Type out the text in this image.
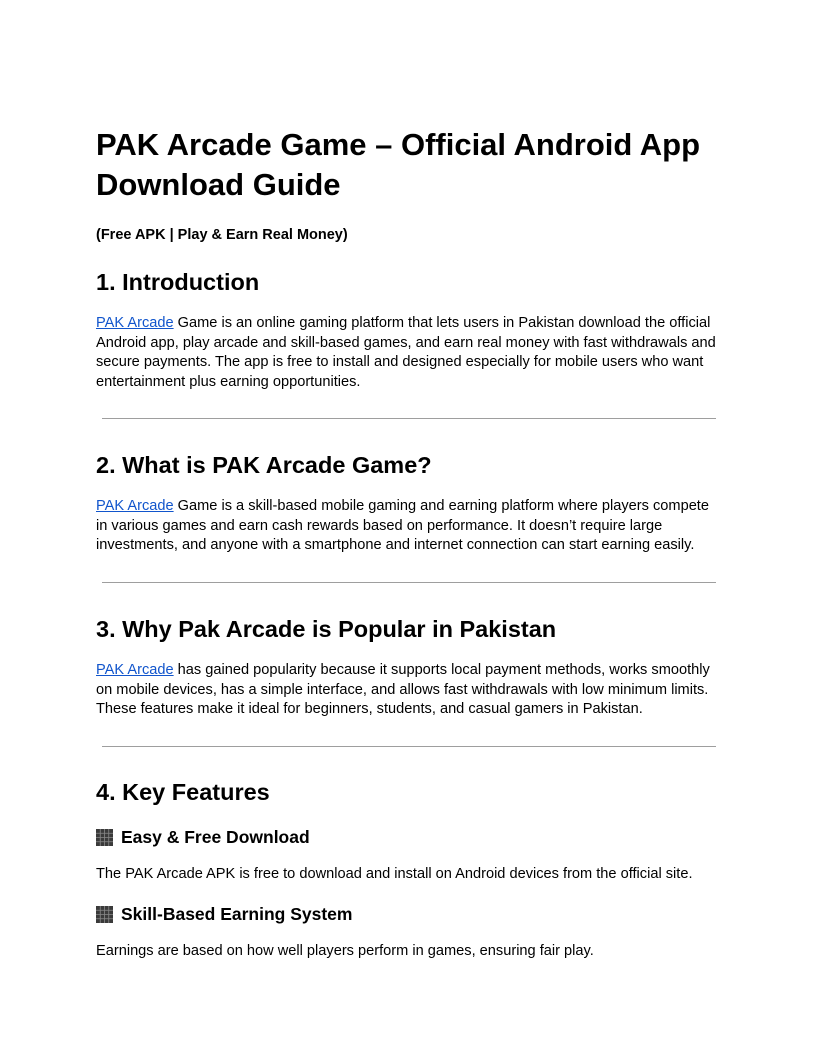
PAK Arcade Game – Official Android App Download Guide

(Free APK | Play & Earn Real Money)

1. Introduction

PAK Arcade Game is an online gaming platform that lets users in Pakistan download the official Android app, play arcade and skill-based games, and earn real money with fast withdrawals and secure payments. The app is free to install and designed especially for mobile users who want entertainment plus earning opportunities.

2. What is PAK Arcade Game?

PAK Arcade Game is a skill-based mobile gaming and earning platform where players compete in various games and earn cash rewards based on performance. It doesn’t require large investments, and anyone with a smartphone and internet connection can start earning easily.

3. Why Pak Arcade is Popular in Pakistan

PAK Arcade has gained popularity because it supports local payment methods, works smoothly on mobile devices, has a simple interface, and allows fast withdrawals with low minimum limits. These features make it ideal for beginners, students, and casual gamers in Pakistan.

4. Key Features
Easy & Free Download

The PAK Arcade APK is free to download and install on Android devices from the official site.

Skill-Based Earning System

Earnings are based on how well players perform in games, ensuring fair play.
